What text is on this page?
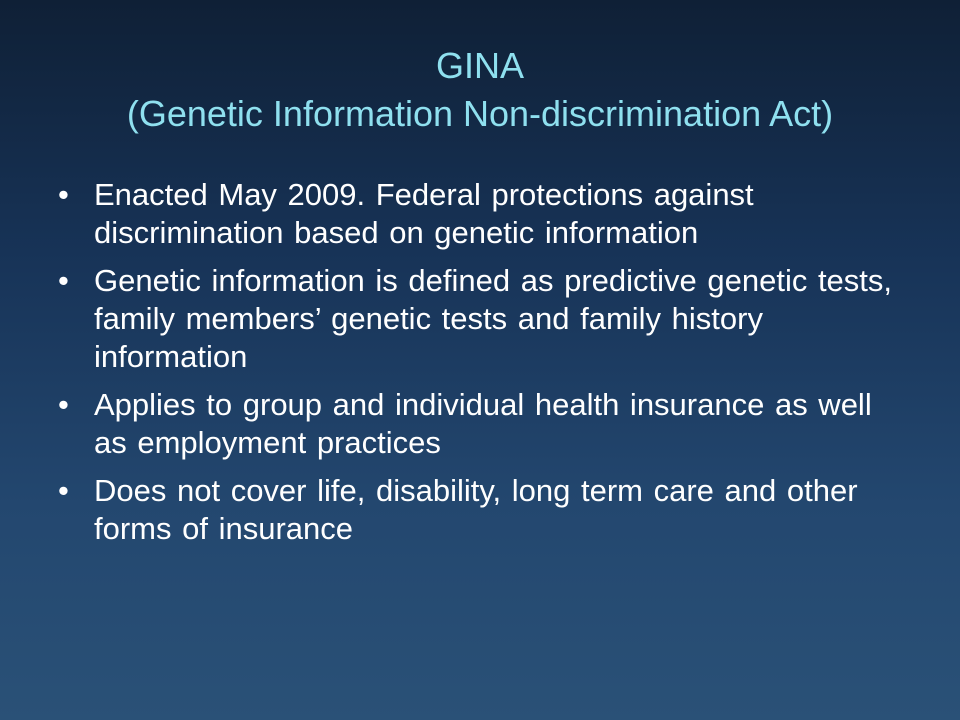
GINA
(Genetic Information Non-discrimination Act)
• Enacted May 2009. Federal protections against discrimination based on genetic information
• Genetic information is defined as predictive genetic tests, family members’ genetic tests and family history information
• Applies to group and individual health insurance as well as employment practices
• Does not cover life, disability, long term care and other forms of insurance
